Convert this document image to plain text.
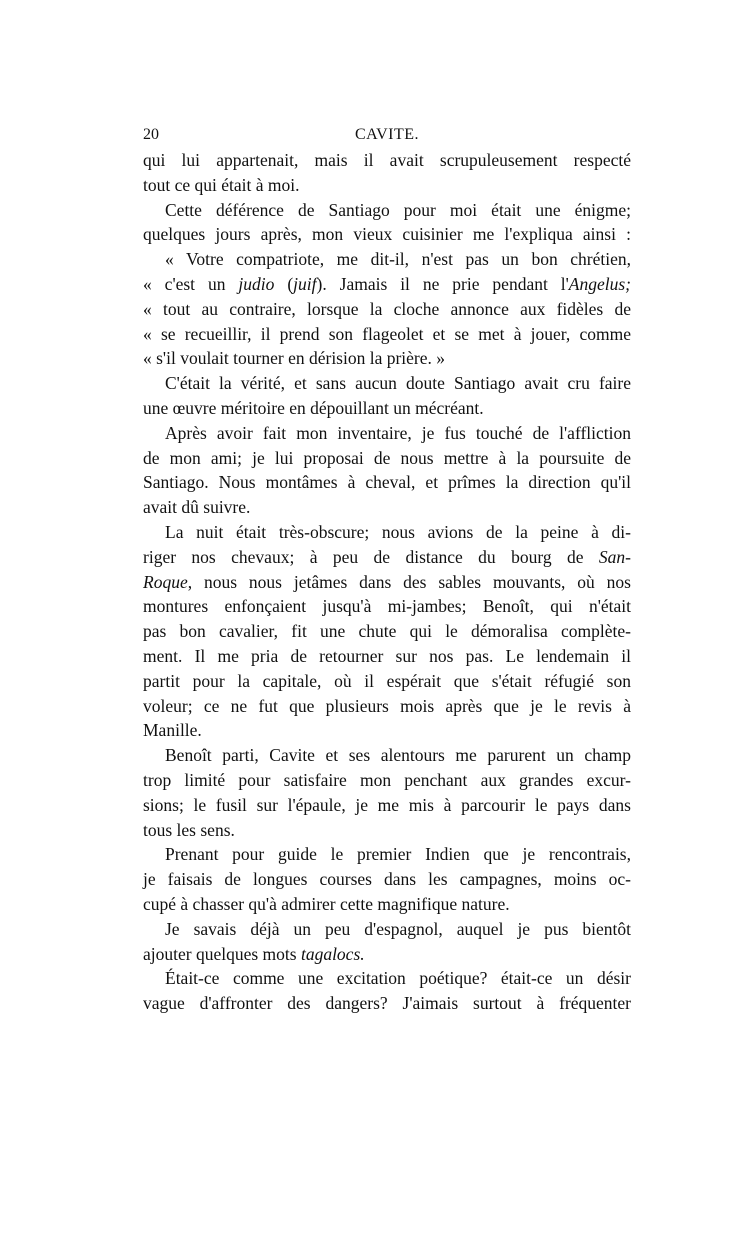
20	CAVITE.
qui lui appartenait, mais il avait scrupuleusement respecté
tout ce qui était à moi.
Cette déférence de Santiago pour moi était une énigme;
quelques jours après, mon vieux cuisinier me l'expliqua ainsi :
« Votre compatriote, me dit-il, n'est pas un bon chrétien,
« c'est un judio (juif). Jamais il ne prie pendant l'Angelus;
« tout au contraire, lorsque la cloche annonce aux fidèles de
« se recueillir, il prend son flageolet et se met à jouer, comme
« s'il voulait tourner en dérision la prière. »
C'était la vérité, et sans aucun doute Santiago avait cru faire
une œuvre méritoire en dépouillant un mécréant.
Après avoir fait mon inventaire, je fus touché de l'affliction
de mon ami; je lui proposai de nous mettre à la poursuite de
Santiago. Nous montâmes à cheval, et prîmes la direction qu'il
avait dû suivre.
La nuit était très-obscure; nous avions de la peine à di-
riger nos chevaux; à peu de distance du bourg de San-
Roque, nous nous jetâmes dans des sables mouvants, où nos
montures enfonçaient jusqu'à mi-jambes; Benoît, qui n'était
pas bon cavalier, fit une chute qui le démoralisa complète-
ment. Il me pria de retourner sur nos pas. Le lendemain il
partit pour la capitale, où il espérait que s'était réfugié son
voleur; ce ne fut que plusieurs mois après que je le revis à
Manille.
Benoît parti, Cavite et ses alentours me parurent un champ
trop limité pour satisfaire mon penchant aux grandes excur-
sions; le fusil sur l'épaule, je me mis à parcourir le pays dans
tous les sens.
Prenant pour guide le premier Indien que je rencontrais,
je faisais de longues courses dans les campagnes, moins oc-
cupé à chasser qu'à admirer cette magnifique nature.
Je savais déjà un peu d'espagnol, auquel je pus bientôt
ajouter quelques mots tagalocs.
Était-ce comme une excitation poétique? était-ce un désir
vague d'affronter des dangers? J'aimais surtout à fréquenter
